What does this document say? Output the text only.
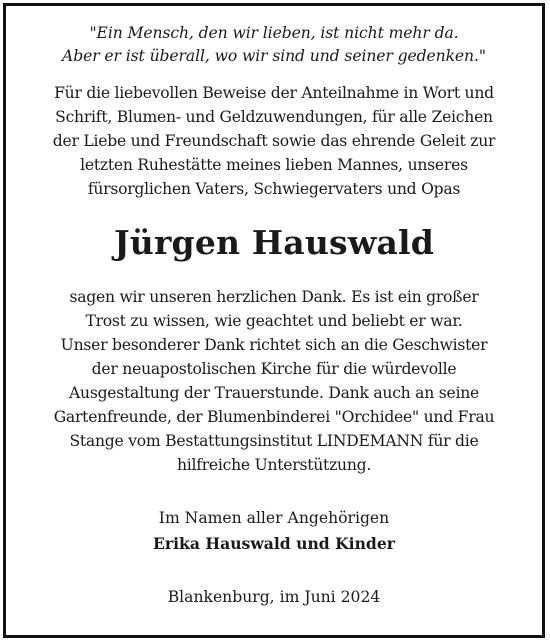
"Ein Mensch, den wir lieben, ist nicht mehr da.
Aber er ist überall, wo wir sind und seiner gedenken."
Für die liebevollen Beweise der Anteilnahme in Wort und
Schrift, Blumen- und Geldzuwendungen, für alle Zeichen
der Liebe und Freundschaft sowie das ehrende Geleit zur
letzten Ruhestätte meines lieben Mannes, unseres
fürsorglichen Vaters, Schwiegervaters und Opas
Jürgen Hauswald
sagen wir unseren herzlichen Dank. Es ist ein großer
Trost zu wissen, wie geachtet und beliebt er war.
Unser besonderer Dank richtet sich an die Geschwister
der neuapostolischen Kirche für die würdevolle
Ausgestaltung der Trauerstunde. Dank auch an seine
Gartenfreunde, der Blumenbinderei "Orchidee" und Frau
Stange vom Bestattungsinstitut LINDEMANN für die
hilfreiche Unterstützung.
Im Namen aller Angehörigen
Erika Hauswald und Kinder
Blankenburg, im Juni 2024
